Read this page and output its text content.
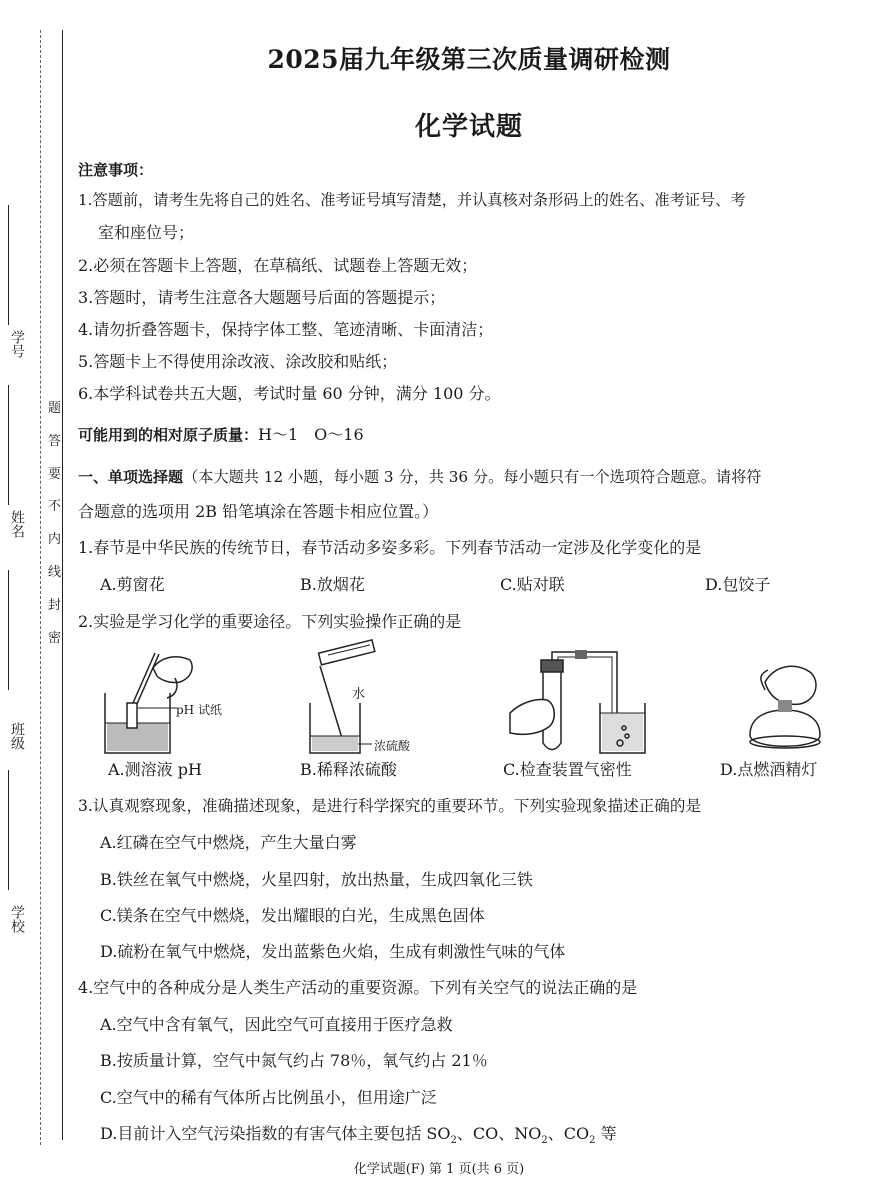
学号
姓名
班级
学校
题
答
要
不
内
线
封
密
2025届九年级第三次质量调研检测
化学试题
注意事项：
1.答题前，请考生先将自己的姓名、准考证号填写清楚，并认真核对条形码上的姓名、准考证号、考
室和座位号；
2.必须在答题卡上答题，在草稿纸、试题卷上答题无效；
3.答题时，请考生注意各大题题号后面的答题提示；
4.请勿折叠答题卡，保持字体工整、笔迹清晰、卡面清洁；
5.答题卡上不得使用涂改液、涂改胶和贴纸；
6.本学科试卷共五大题，考试时量 60 分钟，满分 100 分。
可能用到的相对原子质量：H～1　O～16
一、单项选择题（本大题共 12 小题，每小题 3 分，共 36 分。每小题只有一个选项符合题意。请将符
合题意的选项用 2B 铅笔填涂在答题卡相应位置。）
1.春节是中华民族的传统节日，春节活动多姿多彩。下列春节活动一定涉及化学变化的是
A.剪窗花	B.放烟花	C.贴对联	D.包饺子
2.实验是学习化学的重要途径。下列实验操作正确的是
pH 试纸
水
浓硫酸
A.测溶液 pH	B.稀释浓硫酸	C.检查装置气密性	D.点燃酒精灯
3.认真观察现象，准确描述现象，是进行科学探究的重要环节。下列实验现象描述正确的是
A.红磷在空气中燃烧，产生大量白雾
B.铁丝在氧气中燃烧，火星四射，放出热量，生成四氧化三铁
C.镁条在空气中燃烧，发出耀眼的白光，生成黑色固体
D.硫粉在氧气中燃烧，发出蓝紫色火焰，生成有刺激性气味的气体
4.空气中的各种成分是人类生产活动的重要资源。下列有关空气的说法正确的是
A.空气中含有氧气，因此空气可直接用于医疗急救
B.按质量计算，空气中氮气约占 78％，氧气约占 21％
C.空气中的稀有气体所占比例虽小，但用途广泛
D.目前计入空气污染指数的有害气体主要包括 $SO_2$、CO、$NO_2$、$CO_2$ 等
化学试题(F) 第 1 页(共 6 页)
